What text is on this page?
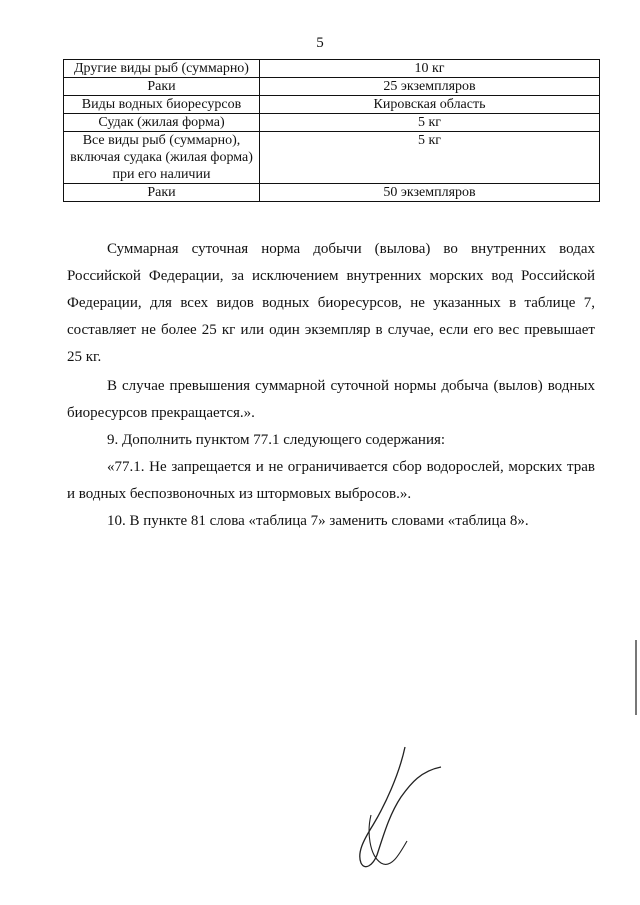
5
Другие виды рыб (суммарно)	10 кг
Раки	25 экземпляров
Виды водных биоресурсов	Кировская область
Судак (жилая форма)	5 кг
Все виды рыб (суммарно), включая судака (жилая форма) при его наличии	5 кг
Раки	50 экземпляров

Суммарная суточная норма добычи (вылова) во внутренних водах Российской Федерации, за исключением внутренних морских вод Российской Федерации, для всех видов водных биоресурсов, не указанных в таблице 7, составляет не более 25 кг или один экземпляр в случае, если его вес превышает 25 кг.

В случае превышения суммарной суточной нормы добыча (вылов) водных биоресурсов прекращается.».

9. Дополнить пунктом 77.1 следующего содержания:

«77.1. Не запрещается и не ограничивается сбор водорослей, морских трав и водных беспозвоночных из штормовых выбросов.».

10. В пункте 81 слова «таблица 7» заменить словами «таблица 8».
